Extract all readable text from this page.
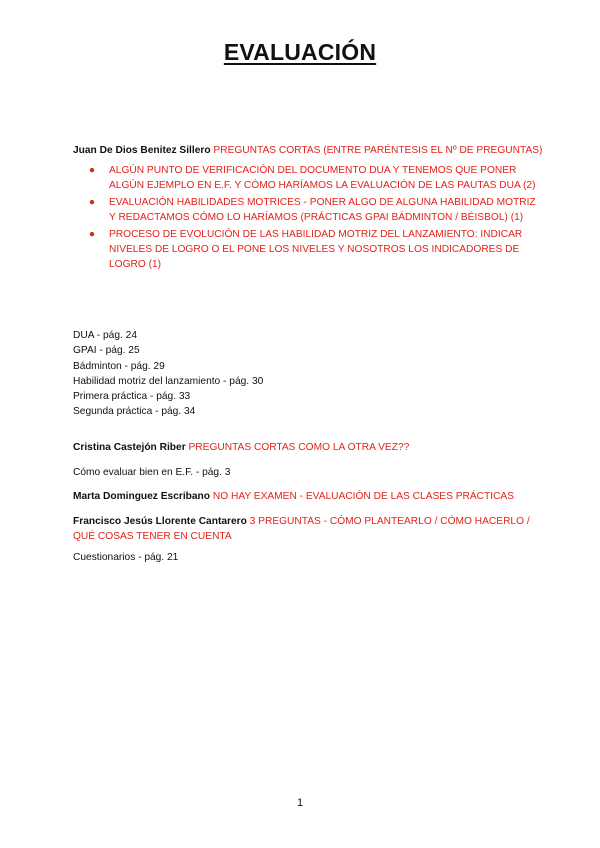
EVALUACIÓN
Juan De Dios Benitez Sillero PREGUNTAS CORTAS (ENTRE PARÉNTESIS EL Nº DE PREGUNTAS)
● ALGÚN PUNTO DE VERIFICACIÓN DEL DOCUMENTO DUA Y TENEMOS QUE PONER ALGÚN EJEMPLO EN E.F. Y CÓMO HARÍAMOS LA EVALUACIÓN DE LAS PAUTAS DUA (2)
● EVALUACIÓN HABILIDADES MOTRICES - PONER ALGO DE ALGUNA HABILIDAD MOTRIZ Y REDACTAMOS CÓMO LO HARÍAMOS (PRÁCTICAS GPAI BÁDMINTON / BÉISBOL) (1)
● PROCESO DE EVOLUCIÓN DE LAS HABILIDAD MOTRIZ DEL LANZAMIENTO: INDICAR NIVELES DE LOGRO O EL PONE LOS NIVELES Y NOSOTROS LOS INDICADORES DE LOGRO (1)
DUA - pág. 24
GPAI - pág. 25
Bádminton - pág. 29
Habilidad motriz del lanzamiento - pág. 30
Primera práctica - pág. 33
Segunda práctica - pág. 34
Cristina Castejón Riber PREGUNTAS CORTAS COMO LA OTRA VEZ??
Cómo evaluar bien en E.F. - pág. 3
Marta Dominguez Escribano NO HAY EXAMEN - EVALUACIÓN DE LAS CLASES PRÁCTICAS
Francisco Jesús Llorente Cantarero 3 PREGUNTAS - CÓMO PLANTEARLO / CÓMO HACERLO / QUÉ COSAS TENER EN CUENTA
Cuestionarios - pág. 21
1
